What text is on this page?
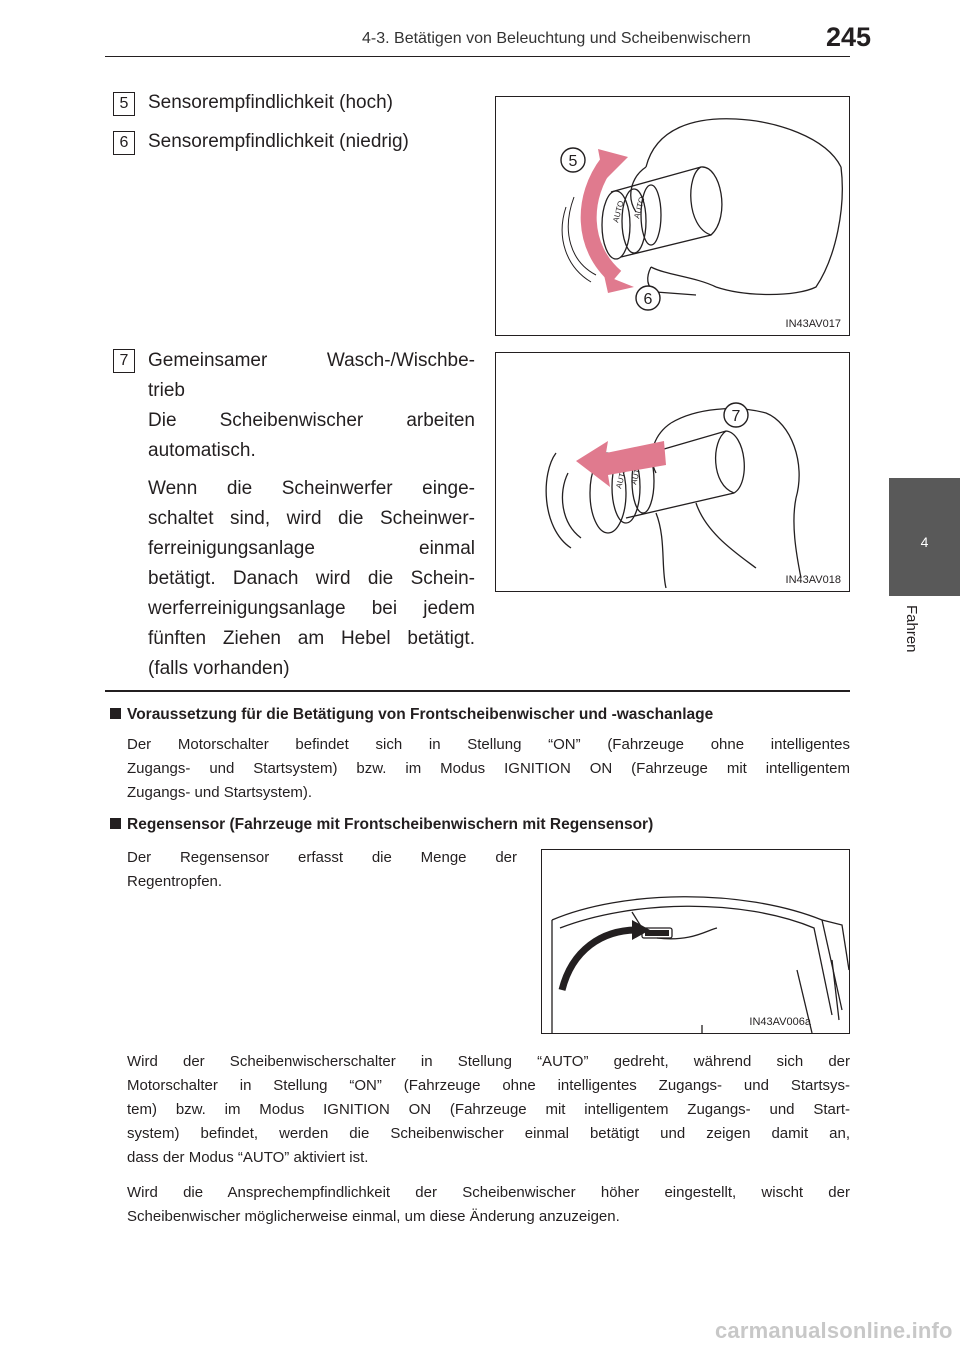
4-3. Betätigen von Beleuchtung und Scheibenwischern	245
4
Fahren
5	Sensorempfindlichkeit (hoch)
6	Sensorempfindlichkeit (niedrig)
7	Gemeinsamer Wasch-/Wischbe-
trieb
Die Scheibenwischer arbeiten
automatisch.
Wenn die Scheinwerfer einge-
schaltet sind, wird die Scheinwer-
ferreinigungsanlage einmal
betätigt. Danach wird die Schein-
werferreinigungsanlage bei jedem
fünften Ziehen am Hebel betätigt.
(falls vorhanden)
AUTO AUTO
5
6
IN43AV017
AUTO AUTO
7
IN43AV018
Voraussetzung für die Betätigung von Frontscheibenwischer und -waschanlage
Der Motorschalter befindet sich in Stellung “ON” (Fahrzeuge ohne intelligentes
Zugangs- und Startsystem) bzw. im Modus IGNITION ON (Fahrzeuge mit intelligentem
Zugangs- und Startsystem).
Regensensor (Fahrzeuge mit Frontscheibenwischern mit Regensensor)
Der Regensensor erfasst die Menge der
Regentropfen.
IN43AV006a
Wird der Scheibenwischerschalter in Stellung “AUTO” gedreht, während sich der
Motorschalter in Stellung “ON” (Fahrzeuge ohne intelligentes Zugangs- und Startsys-
tem) bzw. im Modus IGNITION ON (Fahrzeuge mit intelligentem Zugangs- und Start-
system) befindet, werden die Scheibenwischer einmal betätigt und zeigen damit an,
dass der Modus “AUTO” aktiviert ist.
Wird die Ansprechempfindlichkeit der Scheibenwischer höher eingestellt, wischt der
Scheibenwischer möglicherweise einmal, um diese Änderung anzuzeigen.
carmanualsonline.info
